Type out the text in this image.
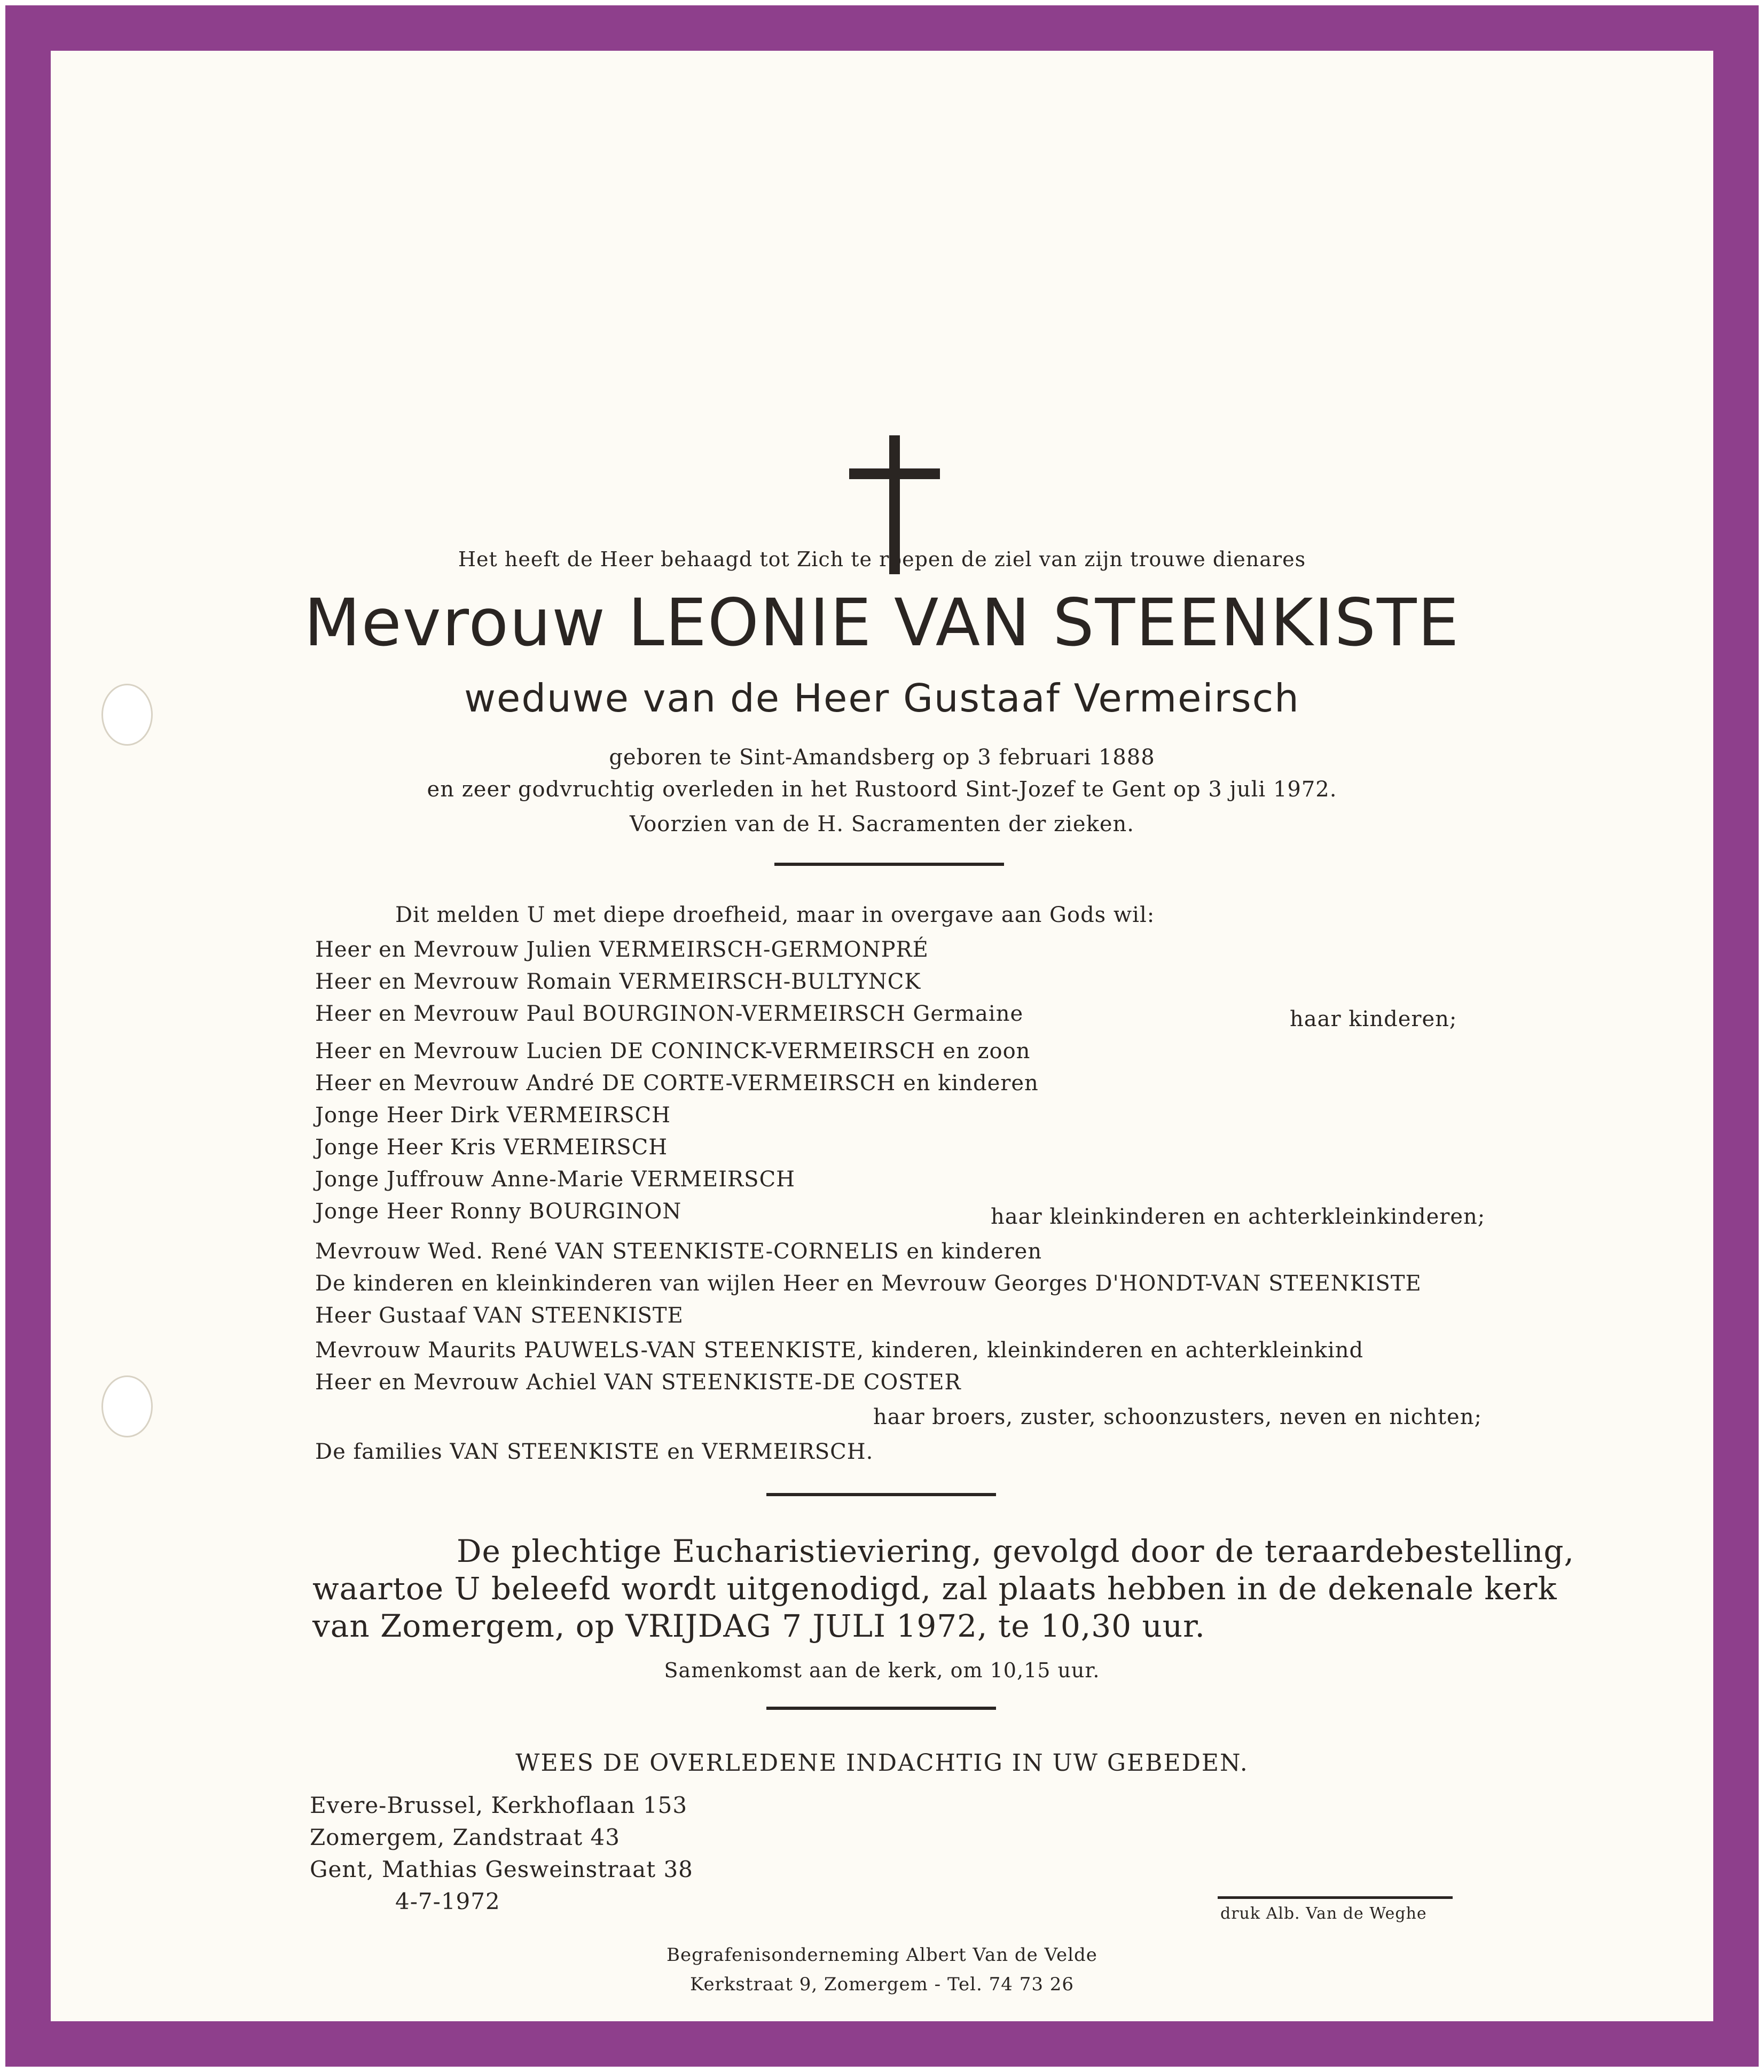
Het heeft de Heer behaagd tot Zich te roepen de ziel van zijn trouwe dienares
Mevrouw LEONIE VAN STEENKISTE
weduwe van de Heer Gustaaf Vermeirsch
geboren te Sint-Amandsberg op 3 februari 1888
en zeer godvruchtig overleden in het Rustoord Sint-Jozef te Gent op 3 juli 1972.
Voorzien van de H. Sacramenten der zieken.
Dit melden U met diepe droefheid, maar in overgave aan Gods wil:
Heer en Mevrouw Julien VERMEIRSCH-GERMONPRÉ
Heer en Mevrouw Romain VERMEIRSCH-BULTYNCK
Heer en Mevrouw Paul BOURGINON-VERMEIRSCH Germaine	haar kinderen;
Heer en Mevrouw Lucien DE CONINCK-VERMEIRSCH en zoon
Heer en Mevrouw André DE CORTE-VERMEIRSCH en kinderen
Jonge Heer Dirk VERMEIRSCH
Jonge Heer Kris VERMEIRSCH
Jonge Juffrouw Anne-Marie VERMEIRSCH
Jonge Heer Ronny BOURGINON	haar kleinkinderen en achterkleinkinderen;
Mevrouw Wed. René VAN STEENKISTE-CORNELIS en kinderen
De kinderen en kleinkinderen van wijlen Heer en Mevrouw Georges D'HONDT-VAN STEENKISTE
Heer Gustaaf VAN STEENKISTE
Mevrouw Maurits PAUWELS-VAN STEENKISTE, kinderen, kleinkinderen en achterkleinkind
Heer en Mevrouw Achiel VAN STEENKISTE-DE COSTER
haar broers, zuster, schoonzusters, neven en nichten;
De families VAN STEENKISTE en VERMEIRSCH.
De plechtige Eucharistieviering, gevolgd door de teraardebestelling,
waartoe U beleefd wordt uitgenodigd, zal plaats hebben in de dekenale kerk
van Zomergem, op VRIJDAG 7 JULI 1972, te 10,30 uur.
Samenkomst aan de kerk, om 10,15 uur.
WEES DE OVERLEDENE INDACHTIG IN UW GEBEDEN.
Evere-Brussel, Kerkhoflaan 153
Zomergem, Zandstraat 43
Gent, Mathias Gesweinstraat 38
4-7-1972	druk Alb. Van de Weghe
Begrafenisonderneming Albert Van de Velde
Kerkstraat 9, Zomergem - Tel. 74 73 26
